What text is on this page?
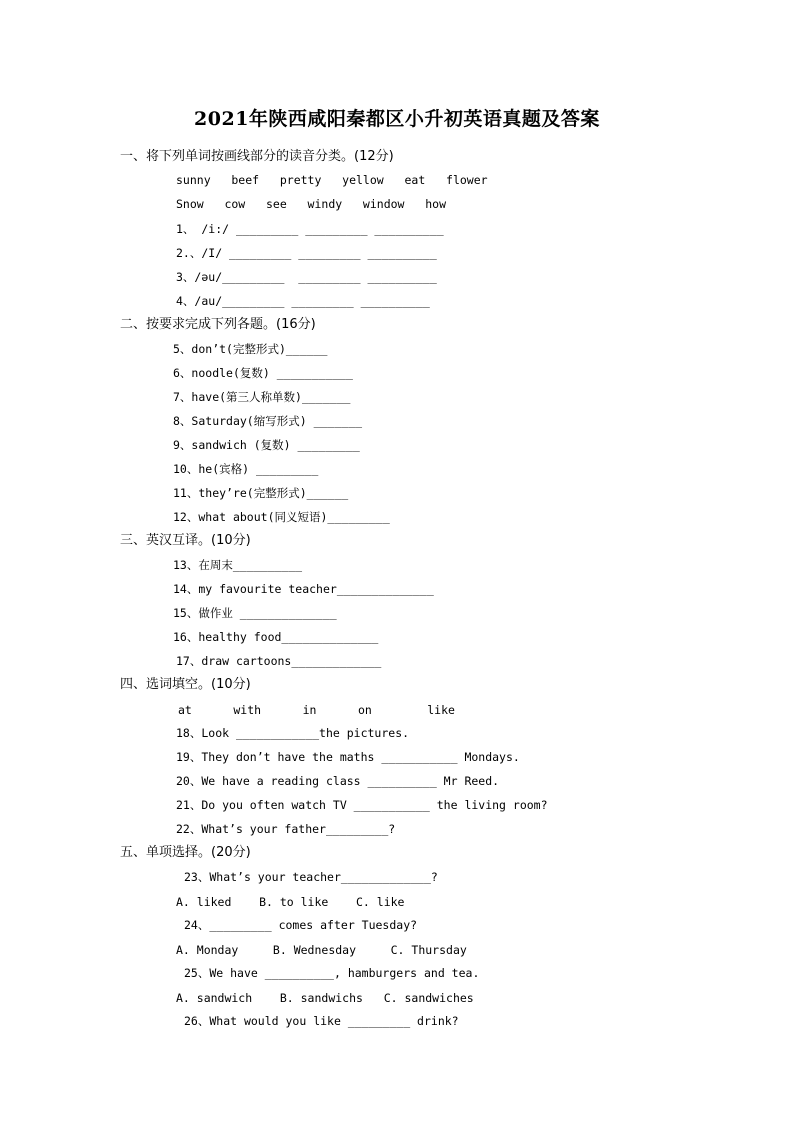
2021年陕西咸阳秦都区小升初英语真题及答案
一、将下列单词按画线部分的读音分类。(12分)
sunny   beef   pretty   yellow   eat   flower
Snow   cow   see   windy   window   how
1、 /i:/ _________ _________ __________
2.、/I/ _________ _________ __________
3、/əu/_________  _________ __________
4、/au/_________ _________ __________
二、按要求完成下列各题。(16分)
5、don’t(完整形式)______
6、noodle(复数) ___________
7、have(第三人称单数)_______
8、Saturday(缩写形式) _______
9、sandwich (复数) _________
10、he(宾格) _________
11、they’re(完整形式)______
12、what about(同义短语)_________
三、英汉互译。(10分)
13、在周末__________
14、my favourite teacher______________
15、做作业 ______________
16、healthy food______________
17、draw cartoons_____________
四、选词填空。(10分)
at      with      in      on        like
18、Look ____________the pictures.
19、They don’t have the maths ___________ Mondays.
20、We have a reading class __________ Mr Reed.
21、Do you often watch TV ___________ the living room?
22、What’s your father_________?
五、单项选择。(20分)
23、What’s your teacher_____________?
A. liked    B. to like    C. like
24、_________ comes after Tuesday?
A. Monday     B. Wednesday     C. Thursday
25、We have __________, hamburgers and tea.
A. sandwich    B. sandwichs   C. sandwiches
26、What would you like _________ drink?
